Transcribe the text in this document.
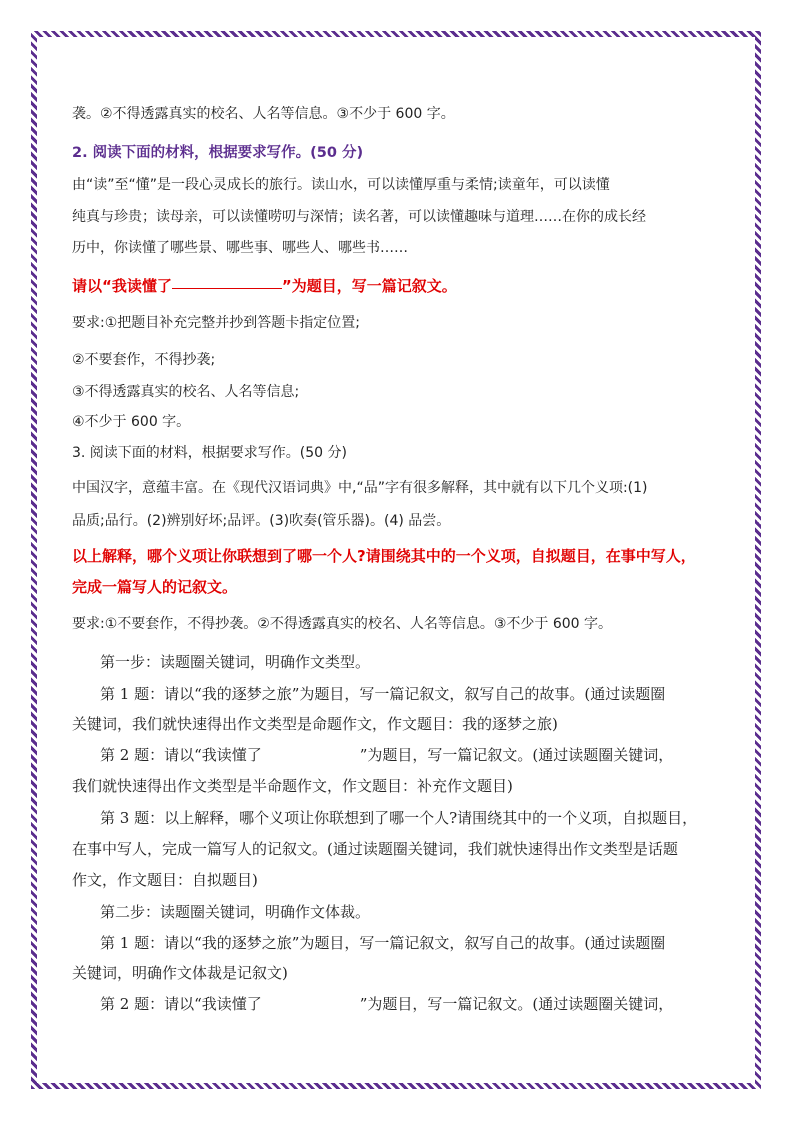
袭。②不得透露真实的校名、人名等信息。③不少于 600 字。
2. 阅读下面的材料，根据要求写作。(50 分)
由“读”至“懂”是一段心灵成长的旅行。读山水，可以读懂厚重与柔情;读童年，可以读懂
纯真与珍贵；读母亲，可以读懂唠叨与深情；读名著，可以读懂趣味与道理……在你的成长经
历中，你读懂了哪些景、哪些事、哪些人、哪些书……
请以“我读懂了	”为题目，写一篇记叙文。
要求:①把题目补充完整并抄到答题卡指定位置;
②不要套作，不得抄袭;
③不得透露真实的校名、人名等信息;
④不少于 600 字。
3. 阅读下面的材料，根据要求写作。(50 分)
中国汉字，意蕴丰富。在《现代汉语词典》中,“品”字有很多解释，其中就有以下几个义项:(1)
品质;品行。(2)辨别好坏;品评。(3)吹奏(管乐器)。(4) 品尝。
以上解释，哪个义项让你联想到了哪一个人?请围绕其中的一个义项，自拟题目，在事中写人，
完成一篇写人的记叙文。
要求:①不要套作，不得抄袭。②不得透露真实的校名、人名等信息。③不少于 600 字。
第一步：读题圈关键词，明确作文类型。
第 1 题：请以“我的逐梦之旅”为题目，写一篇记叙文，叙写自己的故事。(通过读题圈
关键词，我们就快速得出作文类型是命题作文，作文题目：我的逐梦之旅)
第 2 题：请以“我读懂了	”为题目，写一篇记叙文。(通过读题圈关键词，
我们就快速得出作文类型是半命题作文，作文题目：补充作文题目)
第 3 题：以上解释，哪个义项让你联想到了哪一个人?请围绕其中的一个义项，自拟题目，
在事中写人，完成一篇写人的记叙文。(通过读题圈关键词，我们就快速得出作文类型是话题
作文，作文题目：自拟题目)
第二步：读题圈关键词，明确作文体裁。
第 1 题：请以“我的逐梦之旅”为题目，写一篇记叙文，叙写自己的故事。(通过读题圈
关键词，明确作文体裁是记叙文)
第 2 题：请以“我读懂了	”为题目，写一篇记叙文。(通过读题圈关键词，
